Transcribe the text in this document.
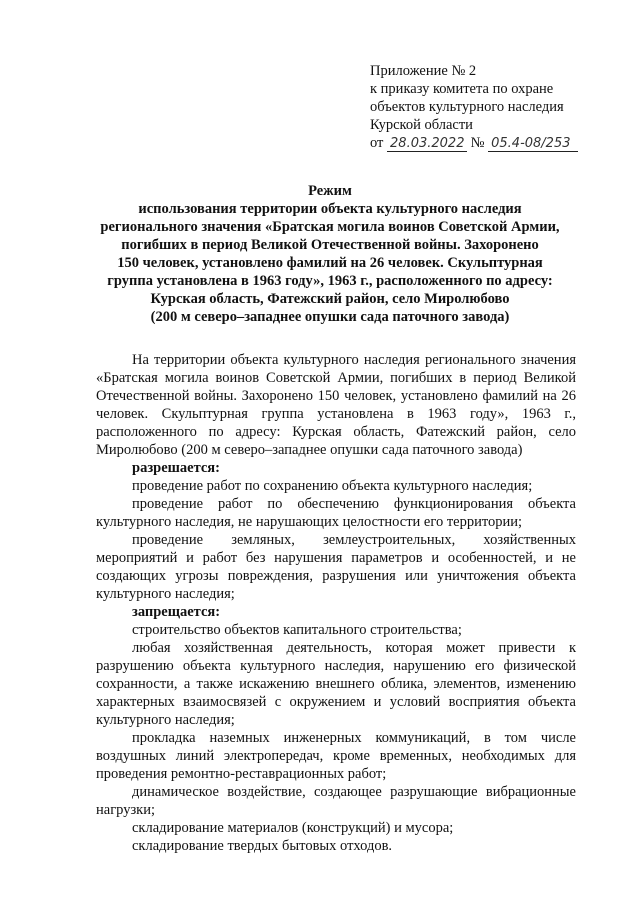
Приложение № 2
к приказу комитета по охране
объектов культурного наследия
Курской области
от 28.03.2022 № 05.4-08/253
Режим
использования территории объекта культурного наследия
регионального значения «Братская могила воинов Советской Армии,
погибших в период Великой Отечественной войны. Захоронено
150 человек, установлено фамилий на 26 человек. Скульптурная
группа установлена в 1963 году», 1963 г., расположенного по адресу:
Курская область, Фатежский район, село Миролюбово
(200 м северо–западнее опушки сада паточного завода)

На территории объекта культурного наследия регионального значения «Братская могила воинов Советской Армии, погибших в период Великой Отечественной войны. Захоронено 150 человек, установлено фамилий на 26 человек. Скульптурная группа установлена в 1963 году», 1963 г., расположенного по адресу: Курская область, Фатежский район, село Миролюбово (200 м северо–западнее опушки сада паточного завода)

разрешается:

проведение работ по сохранению объекта культурного наследия;

проведение работ по обеспечению функционирования объекта культурного наследия, не нарушающих целостности его территории;

проведение земляных, землеустроительных, хозяйственных мероприятий и работ без нарушения параметров и особенностей, и не создающих угрозы повреждения, разрушения или уничтожения объекта культурного наследия;

запрещается:

строительство объектов капитального строительства;

любая хозяйственная деятельность, которая может привести к разрушению объекта культурного наследия, нарушению его физической сохранности, а также искажению внешнего облика, элементов, изменению характерных взаимосвязей с окружением и условий восприятия объекта культурного наследия;

прокладка наземных инженерных коммуникаций, в том числе воздушных линий электропередач, кроме временных, необходимых для проведения ремонтно-реставрационных работ;

динамическое воздействие, создающее разрушающие вибрационные нагрузки;

складирование материалов (конструкций) и мусора;

складирование твердых бытовых отходов.
